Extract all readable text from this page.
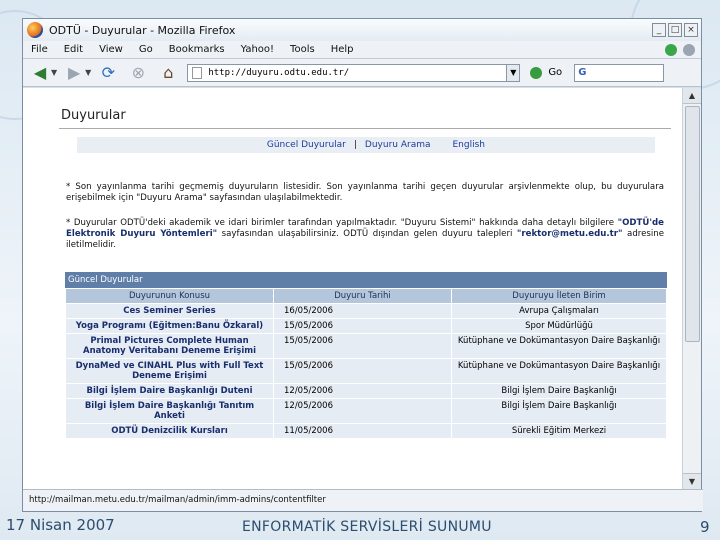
ODTÜ - Duyurular - Mozilla Firefox	_	□ ×
File Edit View Go Bookmarks Yahoo! Tools Help
◀ ▼ ▶ ▼ ⟳ ⊗	⌂	http://duyuru.odtu.edu.tr/	▼	Go	G
Duyurular
Güncel Duyurular | Duyuru Arama English
* Son yayınlanma tarihi geçmemiş duyuruların listesidir. Son yayınlanma tarihi geçen duyurular arşivlenmekte olup, bu duyurulara erişebilmek için "Duyuru Arama" sayfasından ulaşılabilmektedir.
* Duyurular ODTÜ'deki akademik ve idari birimler tarafından yapılmaktadır. "Duyuru Sistemi" hakkında daha detaylı bilgilere "ODTÜ'de Elektronik Duyuru Yöntemleri" sayfasından ulaşabilirsiniz. ODTÜ dışından gelen duyuru talepleri "rektor@metu.edu.tr" adresine iletilmelidir.
Güncel Duyurular
Duyurunun Konusu	Duyuru Tarihi	Duyuruyu İleten Birim
Ces Seminer Series	16/05/2006	Avrupa Çalışmaları
Yoga Programı (Eğitmen:Banu Özkaral)	15/05/2006	Spor Müdürlüğü
Primal Pictures Complete Human Anatomy Veritabanı Deneme Erişimi	15/05/2006	Kütüphane ve Dokümantasyon Daire Başkanlığı
DynaMed ve CINAHL Plus with Full Text Deneme Erişimi	15/05/2006	Kütüphane ve Dokümantasyon Daire Başkanlığı
Bilgi İşlem Daire Başkanlığı Duteni	12/05/2006	Bilgi İşlem Daire Başkanlığı
Bilgi İşlem Daire Başkanlığı Tanıtım Anketi	12/05/2006	Bilgi İşlem Daire Başkanlığı
ODTÜ Denizcilik Kursları	11/05/2006	Sürekli Eğitim Merkezi
▲
▼
http://mailman.metu.edu.tr/mailman/admin/imm-admins/contentfilter
17 Nisan 2007	ENFORMATİK SERVİSLERİ SUNUMU	9
